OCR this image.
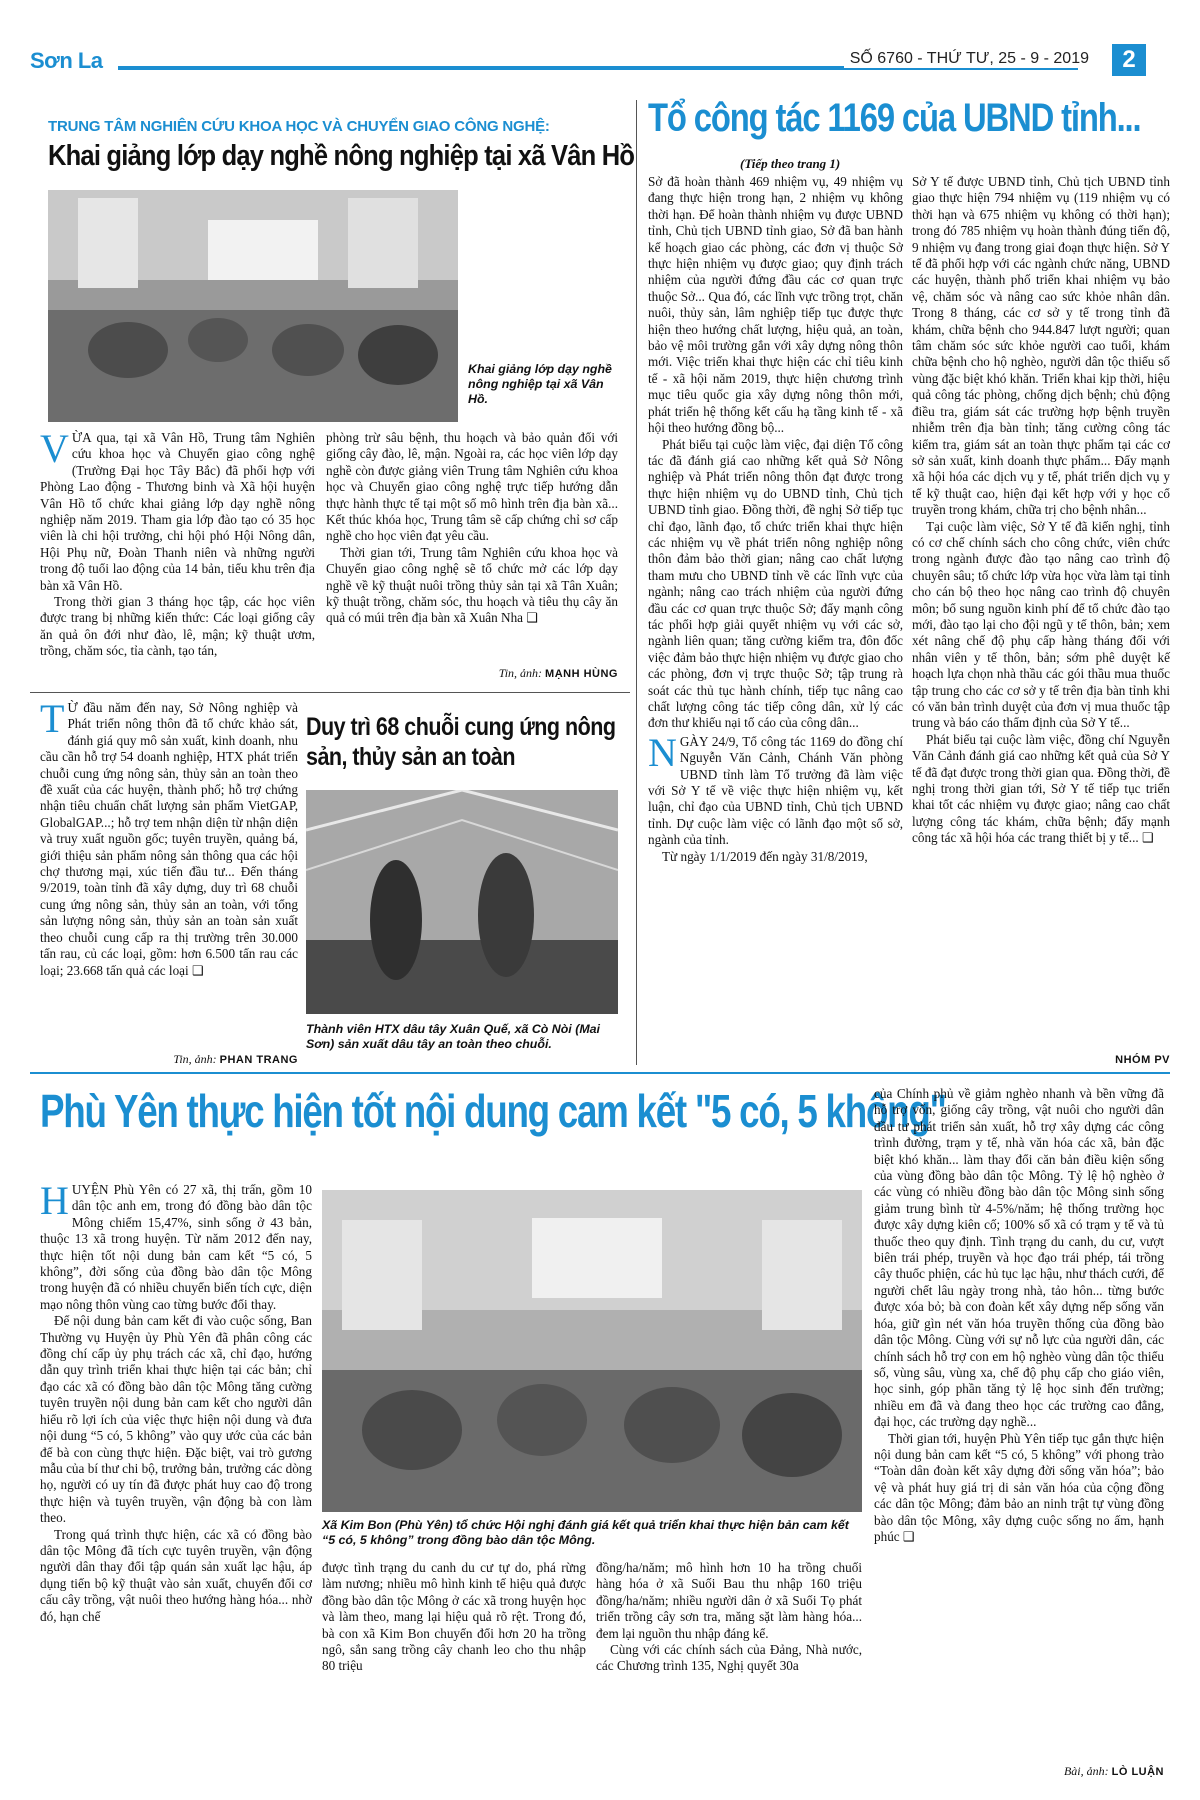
Sơn La	SỐ 6760 - THỨ TƯ, 25 - 9 - 2019	2
TRUNG TÂM NGHIÊN CỨU KHOA HỌC VÀ CHUYỂN GIAO CÔNG NGHỆ:
Khai giảng lớp dạy nghề nông nghiệp tại xã Vân Hồ
Khai giảng lớp dạy nghề nông nghiệp tại xã Vân Hồ.
V ỪA qua, tại xã Vân Hồ, Trung tâm Nghiên cứu khoa học và Chuyển giao công nghệ (Trường Đại học Tây Bắc) đã phối hợp với Phòng Lao động - Thương binh và Xã hội huyện Vân Hồ tổ chức khai giảng lớp dạy nghề nông nghiệp năm 2019. Tham gia lớp đào tạo có 35 học viên là chi hội trưởng, chi hội phó Hội Nông dân, Hội Phụ nữ, Đoàn Thanh niên và những người trong độ tuổi lao động của 14 bản, tiểu khu trên địa bàn xã Vân Hồ.

Trong thời gian 3 tháng học tập, các học viên được trang bị những kiến thức: Các loại giống cây ăn quả ôn đới như đào, lê, mận; kỹ thuật ươm, trồng, chăm sóc, tỉa cành, tạo tán,

phòng trừ sâu bệnh, thu hoạch và bảo quản đối với giống cây đào, lê, mận. Ngoài ra, các học viên lớp dạy nghề còn được giảng viên Trung tâm Nghiên cứu khoa học và Chuyển giao công nghệ trực tiếp hướng dẫn thực hành thực tế tại một số mô hình trên địa bàn xã... Kết thúc khóa học, Trung tâm sẽ cấp chứng chỉ sơ cấp nghề cho học viên đạt yêu cầu.

Thời gian tới, Trung tâm Nghiên cứu khoa học và Chuyển giao công nghệ sẽ tổ chức mở các lớp dạy nghề về kỹ thuật nuôi trồng thủy sản tại xã Tân Xuân; kỹ thuật trồng, chăm sóc, thu hoạch và tiêu thụ cây ăn quả có múi trên địa bàn xã Xuân Nha ❑

Tin, ảnh: MẠNH HÙNG
T Ừ đầu năm đến nay, Sở Nông nghiệp và Phát triển nông thôn đã tổ chức khảo sát, đánh giá quy mô sản xuất, kinh doanh, nhu cầu cần hỗ trợ 54 doanh nghiệp, HTX phát triển chuỗi cung ứng nông sản, thủy sản an toàn theo đề xuất của các huyện, thành phố; hỗ trợ chứng nhận tiêu chuẩn chất lượng sản phẩm VietGAP, GlobalGAP...; hỗ trợ tem nhận diện từ nhận diện và truy xuất nguồn gốc; tuyên truyền, quảng bá, giới thiệu sản phẩm nông sản thông qua các hội chợ thương mại, xúc tiến đầu tư... Đến tháng 9/2019, toàn tỉnh đã xây dựng, duy trì 68 chuỗi cung ứng nông sản, thủy sản an toàn, với tổng sản lượng nông sản, thủy sản an toàn sản xuất theo chuỗi cung cấp ra thị trường trên 30.000 tấn rau, củ các loại, gồm: hơn 6.500 tấn rau các loại; 23.668 tấn quả các loại ❑

Tin, ảnh: PHAN TRANG
Duy trì 68 chuỗi cung ứng nông sản, thủy sản an toàn
Thành viên HTX dâu tây Xuân Quế, xã Cò Nòi (Mai Sơn) sản xuất dâu tây an toàn theo chuỗi.
Tổ công tác 1169 của UBND tỉnh...
(Tiếp theo trang 1)

Sở đã hoàn thành 469 nhiệm vụ, 49 nhiệm vụ đang thực hiện trong hạn, 2 nhiệm vụ không thời hạn. Để hoàn thành nhiệm vụ được UBND tỉnh, Chủ tịch UBND tỉnh giao, Sở đã ban hành kế hoạch giao các phòng, các đơn vị thuộc Sở thực hiện nhiệm vụ được giao; quy định trách nhiệm của người đứng đầu các cơ quan trực thuộc Sở... Qua đó, các lĩnh vực trồng trọt, chăn nuôi, thủy sản, lâm nghiệp tiếp tục được thực hiện theo hướng chất lượng, hiệu quả, an toàn, bảo vệ môi trường gắn với xây dựng nông thôn mới. Việc triển khai thực hiện các chỉ tiêu kinh tế - xã hội năm 2019, thực hiện chương trình mục tiêu quốc gia xây dựng nông thôn mới, phát triển hệ thống kết cấu hạ tầng kinh tế - xã hội theo hướng đồng bộ...

Phát biểu tại cuộc làm việc, đại diện Tổ công tác đã đánh giá cao những kết quả Sở Nông nghiệp và Phát triển nông thôn đạt được trong thực hiện nhiệm vụ do UBND tỉnh, Chủ tịch UBND tỉnh giao. Đồng thời, đề nghị Sở tiếp tục chỉ đạo, lãnh đạo, tổ chức triển khai thực hiện các nhiệm vụ về phát triển nông nghiệp nông thôn đảm bảo thời gian; nâng cao chất lượng tham mưu cho UBND tỉnh về các lĩnh vực của ngành; nâng cao trách nhiệm của người đứng đầu các cơ quan trực thuộc Sở; đẩy mạnh công tác phối hợp giải quyết nhiệm vụ với các sở, ngành liên quan; tăng cường kiểm tra, đôn đốc việc đảm bảo thực hiện nhiệm vụ được giao cho các phòng, đơn vị trực thuộc Sở; tập trung rà soát các thủ tục hành chính, tiếp tục nâng cao chất lượng công tác tiếp công dân, xử lý các đơn thư khiếu nại tố cáo của công dân...

NGÀY 24/9, Tổ công tác 1169 do đồng chí Nguyễn Văn Cảnh, Chánh Văn phòng UBND tỉnh làm Tổ trưởng đã làm việc với Sở Y tế về việc thực hiện nhiệm vụ, kết luận, chỉ đạo của UBND tỉnh, Chủ tịch UBND tỉnh. Dự cuộc làm việc có lãnh đạo một số sở, ngành của tỉnh.

Từ ngày 1/1/2019 đến ngày 31/8/2019,

Sở Y tế được UBND tỉnh, Chủ tịch UBND tỉnh giao thực hiện 794 nhiệm vụ (119 nhiệm vụ có thời hạn và 675 nhiệm vụ không có thời hạn); trong đó 785 nhiệm vụ hoàn thành đúng tiến độ, 9 nhiệm vụ đang trong giai đoạn thực hiện. Sở Y tế đã phối hợp với các ngành chức năng, UBND các huyện, thành phố triển khai nhiệm vụ bảo vệ, chăm sóc và nâng cao sức khỏe nhân dân. Trong 8 tháng, các cơ sở y tế trong tỉnh đã khám, chữa bệnh cho 944.847 lượt người; quan tâm chăm sóc sức khỏe người cao tuổi, khám chữa bệnh cho hộ nghèo, người dân tộc thiểu số vùng đặc biệt khó khăn. Triển khai kịp thời, hiệu quả công tác phòng, chống dịch bệnh; chủ động điều tra, giám sát các trường hợp bệnh truyền nhiễm trên địa bàn tỉnh; tăng cường công tác kiểm tra, giám sát an toàn thực phẩm tại các cơ sở sản xuất, kinh doanh thực phẩm... Đẩy mạnh xã hội hóa các dịch vụ y tế, phát triển dịch vụ y tế kỹ thuật cao, hiện đại kết hợp với y học cổ truyền trong khám, chữa trị cho bệnh nhân...

Tại cuộc làm việc, Sở Y tế đã kiến nghị, tỉnh có cơ chế chính sách cho công chức, viên chức trong ngành được đào tạo nâng cao trình độ chuyên sâu; tổ chức lớp vừa học vừa làm tại tỉnh cho cán bộ theo học nâng cao trình độ chuyên môn; bổ sung nguồn kinh phí để tổ chức đào tạo mới, đào tạo lại cho đội ngũ y tế thôn, bản; xem xét nâng chế độ phụ cấp hàng tháng đối với nhân viên y tế thôn, bản; sớm phê duyệt kế hoạch lựa chọn nhà thầu các gói thầu mua thuốc tập trung cho các cơ sở y tế trên địa bàn tỉnh khi có văn bản trình duyệt của đơn vị mua thuốc tập trung và báo cáo thẩm định của Sở Y tế...

Phát biểu tại cuộc làm việc, đồng chí Nguyễn Văn Cảnh đánh giá cao những kết quả của Sở Y tế đã đạt được trong thời gian qua. Đồng thời, đề nghị trong thời gian tới, Sở Y tế tiếp tục triển khai tốt các nhiệm vụ được giao; nâng cao chất lượng công tác khám, chữa bệnh; đẩy mạnh công tác xã hội hóa các trang thiết bị y tế... ❑

NHÓM PV
Phù Yên thực hiện tốt nội dung cam kết "5 có, 5 không"
H UYỆN Phù Yên có 27 xã, thị trấn, gồm 10 dân tộc anh em, trong đó đồng bào dân tộc Mông chiếm 15,47%, sinh sống ở 43 bản, thuộc 13 xã trong huyện. Từ năm 2012 đến nay, thực hiện tốt nội dung bản cam kết “5 có, 5 không”, đời sống của đồng bào dân tộc Mông trong huyện đã có nhiều chuyển biến tích cực, diện mạo nông thôn vùng cao từng bước đổi thay.

Để nội dung bản cam kết đi vào cuộc sống, Ban Thường vụ Huyện ủy Phù Yên đã phân công các đồng chí cấp ủy phụ trách các xã, chỉ đạo, hướng dẫn quy trình triển khai thực hiện tại các bản; chỉ đạo các xã có đồng bào dân tộc Mông tăng cường tuyên truyền nội dung bản cam kết cho người dân hiểu rõ lợi ích của việc thực hiện nội dung và đưa nội dung “5 có, 5 không” vào quy ước của các bản để bà con cùng thực hiện. Đặc biệt, vai trò gương mẫu của bí thư chi bộ, trưởng bản, trưởng các dòng họ, người có uy tín đã được phát huy cao độ trong thực hiện và tuyên truyền, vận động bà con làm theo.

Trong quá trình thực hiện, các xã có đồng bào dân tộc Mông đã tích cực tuyên truyền, vận động người dân thay đổi tập quán sản xuất lạc hậu, áp dụng tiến bộ kỹ thuật vào sản xuất, chuyển đổi cơ cấu cây trồng, vật nuôi theo hướng hàng hóa... nhờ đó, hạn chế

Xã Kim Bon (Phù Yên) tổ chức Hội nghị đánh giá kết quả triển khai thực hiện bản cam kết “5 có, 5 không” trong đồng bào dân tộc Mông.

được tình trạng du canh du cư tự do, phá rừng làm nương; nhiều mô hình kinh tế hiệu quả được đồng bào dân tộc Mông ở các xã trong huyện học và làm theo, mang lại hiệu quả rõ rệt. Trong đó, bà con xã Kim Bon chuyển đổi hơn 20 ha trồng ngô, sắn sang trồng cây chanh leo cho thu nhập 80 triệu

đồng/ha/năm; mô hình hơn 10 ha trồng chuối hàng hóa ở xã Suối Bau thu nhập 160 triệu đồng/ha/năm; nhiều người dân ở xã Suối Tọ phát triển trồng cây sơn tra, măng sặt làm hàng hóa... đem lại nguồn thu nhập đáng kể.

Cùng với các chính sách của Đảng, Nhà nước, các Chương trình 135, Nghị quyết 30a

của Chính phủ về giảm nghèo nhanh và bền vững đã hỗ trợ vốn, giống cây trồng, vật nuôi cho người dân đầu tư phát triển sản xuất, hỗ trợ xây dựng các công trình đường, trạm y tế, nhà văn hóa các xã, bản đặc biệt khó khăn... làm thay đổi căn bản điều kiện sống của vùng đồng bào dân tộc Mông. Tỷ lệ hộ nghèo ở các vùng có nhiều đồng bào dân tộc Mông sinh sống giảm trung bình từ 4-5%/năm; hệ thống trường học được xây dựng kiên cố; 100% số xã có trạm y tế và tủ thuốc theo quy định. Tình trạng du canh, du cư, vượt biên trái phép, truyền và học đạo trái phép, tái trồng cây thuốc phiện, các hủ tục lạc hậu, như thách cưới, để người chết lâu ngày trong nhà, tảo hôn... từng bước được xóa bỏ; bà con đoàn kết xây dựng nếp sống văn hóa, giữ gìn nét văn hóa truyền thống của đồng bào dân tộc Mông. Cùng với sự nỗ lực của người dân, các chính sách hỗ trợ con em hộ nghèo vùng dân tộc thiểu số, vùng sâu, vùng xa, chế độ phụ cấp cho giáo viên, học sinh, góp phần tăng tỷ lệ học sinh đến trường; nhiều em đã và đang theo học các trường cao đẳng, đại học, các trường dạy nghề...

Thời gian tới, huyện Phù Yên tiếp tục gắn thực hiện nội dung bản cam kết “5 có, 5 không” với phong trào “Toàn dân đoàn kết xây dựng đời sống văn hóa”; bảo vệ và phát huy giá trị di sản văn hóa của cộng đồng các dân tộc Mông; đảm bảo an ninh trật tự vùng đồng bào dân tộc Mông, xây dựng cuộc sống no ấm, hạnh phúc ❑

Bài, ảnh: LÒ LUẬN
